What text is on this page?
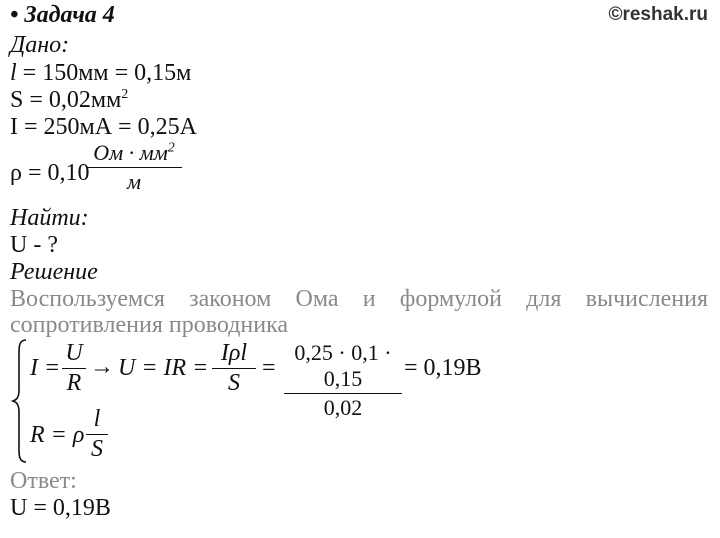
• Задача 4	©reshak.ru
Дано:
l = 150мм = 0,15м
$S = 0,02мм^2$
I = 250мА = 0,25А
ρ = 0,10
Ом · $мм^2$
м
Найти:
U - ?
Решение
Воспользуемся законом Ома и формулой для вычисления
сопротивления проводника
I =
U
R
→ U = IR =
Iρl
S
=
0,25 · 0,1 · 0,15
0,02
= 0,19B
R = ρ
l
S
Ответ:
U = 0,19В
